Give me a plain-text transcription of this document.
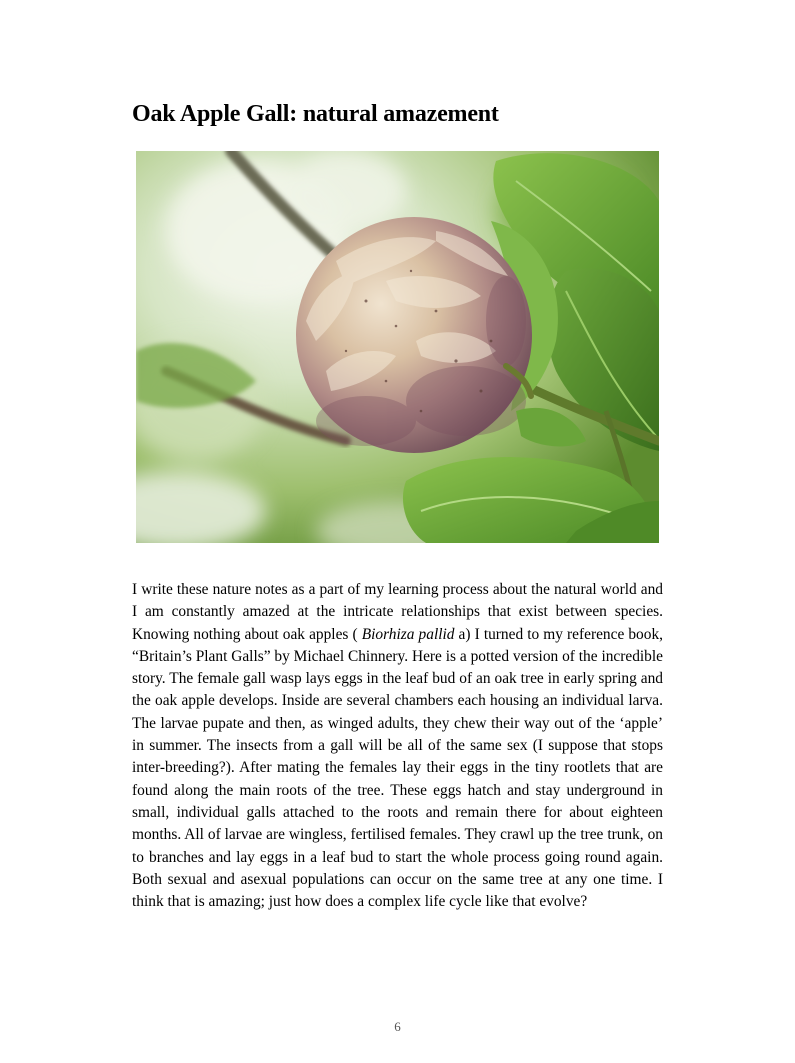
Oak Apple Gall: natural amazement

I write these nature notes as a part of my learning process about the natural world and I am constantly amazed at the intricate relationships that exist between species. Knowing nothing about oak apples ( Biorhiza pallid a) I turned to my reference book, “Britain’s Plant Galls” by Michael Chinnery. Here is a potted version of the incredible story. The female gall wasp lays eggs in the leaf bud of an oak tree in early spring and the oak apple develops. Inside are several chambers each housing an individual larva. The larvae pupate and then, as winged adults, they chew their way out of the ‘apple’ in summer. The insects from a gall will be all of the same sex (I suppose that stops inter-breeding?). After mating the females lay their eggs in the tiny rootlets that are found along the main roots of the tree. These eggs hatch and stay underground in small, individual galls attached to the roots and remain there for about eighteen months. All of larvae are wingless, fertilised females. They crawl up the tree trunk, on to branches and lay eggs in a leaf bud to start the whole process going round again. Both sexual and asexual populations can occur on the same tree at any one time. I think that is amazing; just how does a complex life cycle like that evolve?

6
